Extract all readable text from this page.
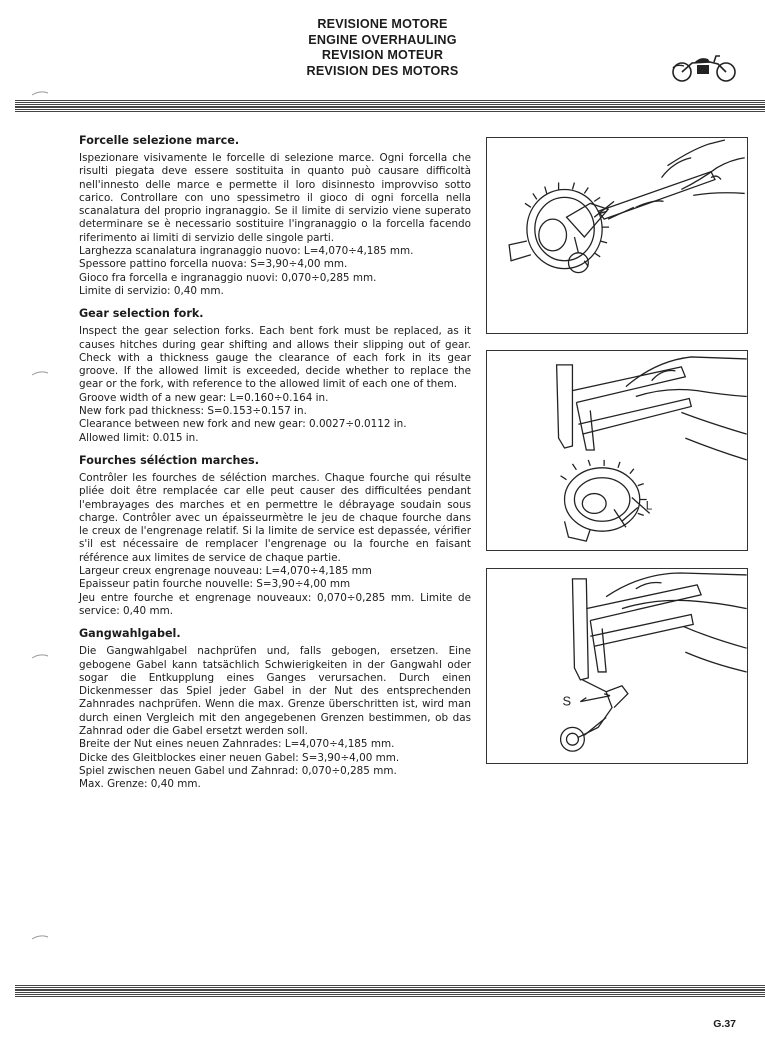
REVISIONE MOTORE
ENGINE OVERHAULING
REVISION MOTEUR
REVISION DES MOTORS
Forcelle selezione marce.

Ispezionare visivamente le forcelle di selezione marce. Ogni forcella che risulti piegata deve essere sostituita in quanto può causare difficoltà nell'innesto delle marce e permette il loro disinnesto improvviso sotto carico. Controllare con uno spessimetro il gioco di ogni forcella nella scanalatura del proprio ingranaggio. Se il limite di servizio viene superato determinare se è necessario sostituire l'ingranaggio o la forcella facendo riferimento ai limiti di servizio delle singole parti.

Larghezza scanalatura ingranaggio nuovo: L=4,070÷4,185 mm.
Spessore pattino forcella nuova: S=3,90÷4,00 mm.
Gioco fra forcella e ingranaggio nuovi: 0,070÷0,285 mm.
Limite di servizio: 0,40 mm.
Gear selection fork.

Inspect the gear selection forks. Each bent fork must be replaced, as it causes hitches during gear shifting and allows their slipping out of gear. Check with a thickness gauge the clearance of each fork in its gear groove. If the allowed limit is exceeded, decide whether to replace the gear or the fork, with reference to the allowed limit of each one of them.

Groove width of a new gear: L=0.160÷0.164 in.
New fork pad thickness: S=0.153÷0.157 in.
Clearance between new fork and new gear: 0.0027÷0.0112 in.
Allowed limit: 0.015 in.
Fourches séléction marches.

Contrôler les fourches de séléction marches. Chaque fourche qui résulte pliée doit être remplacée car elle peut causer des difficultées pendant l'embrayages des marches et en permettre le débrayage soudain sous charge. Contrôler avec un épaisseurmètre le jeu de chaque fourche dans le creux de l'engrenage relatif. Si la limite de service est depassée, vérifier s'il est nécessaire de remplacer l'engrenage ou la fourche en faisant référence aux limites de service de chaque partie.

Largeur creux engrenage nouveau: L=4,070÷4,185 mm
Epaisseur patin fourche nouvelle: S=3,90÷4,00 mm

Jeu entre fourche et engrenage nouveaux: 0,070÷0,285 mm. Limite de service: 0,40 mm.

Gangwahlgabel.

Die Gangwahlgabel nachprüfen und, falls gebogen, ersetzen. Eine gebogene Gabel kann tatsächlich Schwierigkeiten in der Gangwahl oder sogar die Entkupplung eines Ganges verursachen. Durch einen Dickenmesser das Spiel jeder Gabel in der Nut des entsprechenden Zahnrades nachprüfen. Wenn die max. Grenze überschritten ist, wird man durch einen Vergleich mit den angegebenen Grenzen bestimmen, ob das Zahnrad oder die Gabel ersetzt werden soll.

Breite der Nut eines neuen Zahnrades: L=4,070÷4,185 mm.
Dicke des Gleitblockes einer neuen Gabel: S=3,90÷4,00 mm.
Spiel zwischen neuen Gabel und Zahnrad: 0,070÷0,285 mm.
Max. Grenze: 0,40 mm.
L
S
G.37
